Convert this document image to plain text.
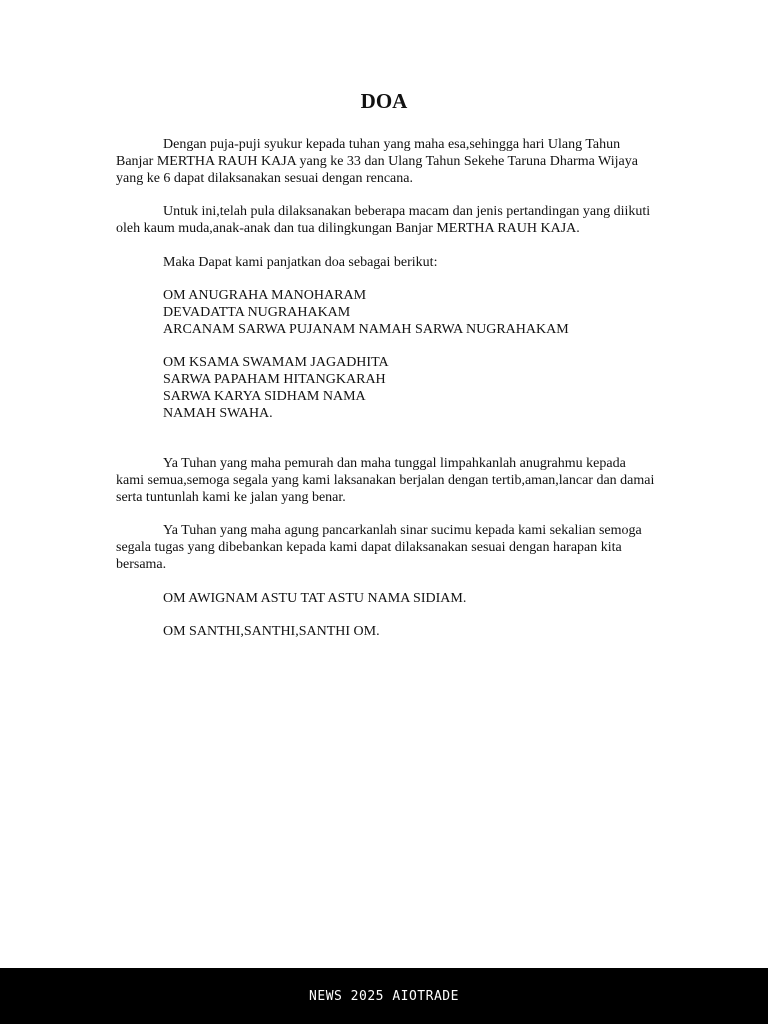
DOA

Dengan puja-puji syukur kepada tuhan yang maha esa,sehingga hari Ulang Tahun Banjar MERTHA RAUH KAJA yang ke 33 dan Ulang Tahun Sekehe Taruna Dharma Wijaya yang ke 6 dapat dilaksanakan sesuai dengan rencana.

Untuk ini,telah pula dilaksanakan beberapa macam dan jenis pertandingan yang diikuti oleh kaum muda,anak-anak dan tua dilingkungan Banjar MERTHA RAUH KAJA.

Maka Dapat kami panjatkan doa sebagai berikut:

OM ANUGRAHA MANOHARAM
DEVADATTA NUGRAHAKAM
ARCANAM SARWA PUJANAM NAMAH SARWA NUGRAHAKAM
OM KSAMA SWAMAM JAGADHITA
SARWA PAPAHAM HITANGKARAH
SARWA KARYA SIDHAM NAMA
NAMAH SWAHA.

Ya Tuhan yang maha pemurah dan maha tunggal limpahkanlah anugrahmu kepada kami semua,semoga segala yang kami laksanakan berjalan dengan tertib,aman,lancar dan damai serta tuntunlah kami ke jalan yang benar.

Ya Tuhan yang maha agung pancarkanlah sinar sucimu kepada kami sekalian semoga segala tugas yang dibebankan kepada kami dapat dilaksanakan sesuai dengan harapan kita bersama.

OM AWIGNAM ASTU TAT ASTU NAMA SIDIAM.

OM SANTHI,SANTHI,SANTHI OM.

NEWS 2025 AIOTRADE
